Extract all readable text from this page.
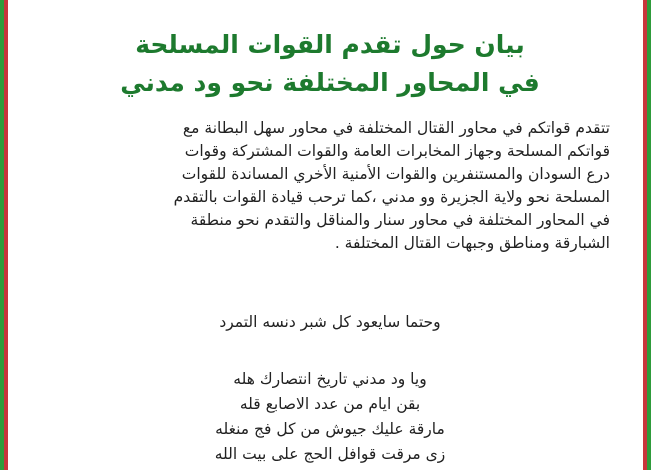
بيان حول تقدم القوات المسلحة
في المحاور المختلفة نحو ود مدني
تتقدم قواتكم في محاور القتال المختلفة في محاور سهل البطانة مع
قواتكم المسلحة وجهاز المخابرات العامة والقوات المشتركة وقوات
درع السودان والمستنفرين والقوات الأمنية الأخري المساندة للقوات
المسلحة نحو ولاية الجزيرة وو مدني ،كما ترحب قيادة القوات بالتقدم
في المحاور المختلفة في محاور سنار والمناقل والتقدم نحو منطقة
الشبارقة ومناطق وجبهات القتال المختلفة .
وحتما سايعود كل شبر دنسه التمرد
ويا ود مدني تاريخ انتصارك هله
بقن ايام من عدد الاصابع قله
مارقة عليك جيوش من كل فج منغله
زى مرقت قوافل الحج على بيت الله
